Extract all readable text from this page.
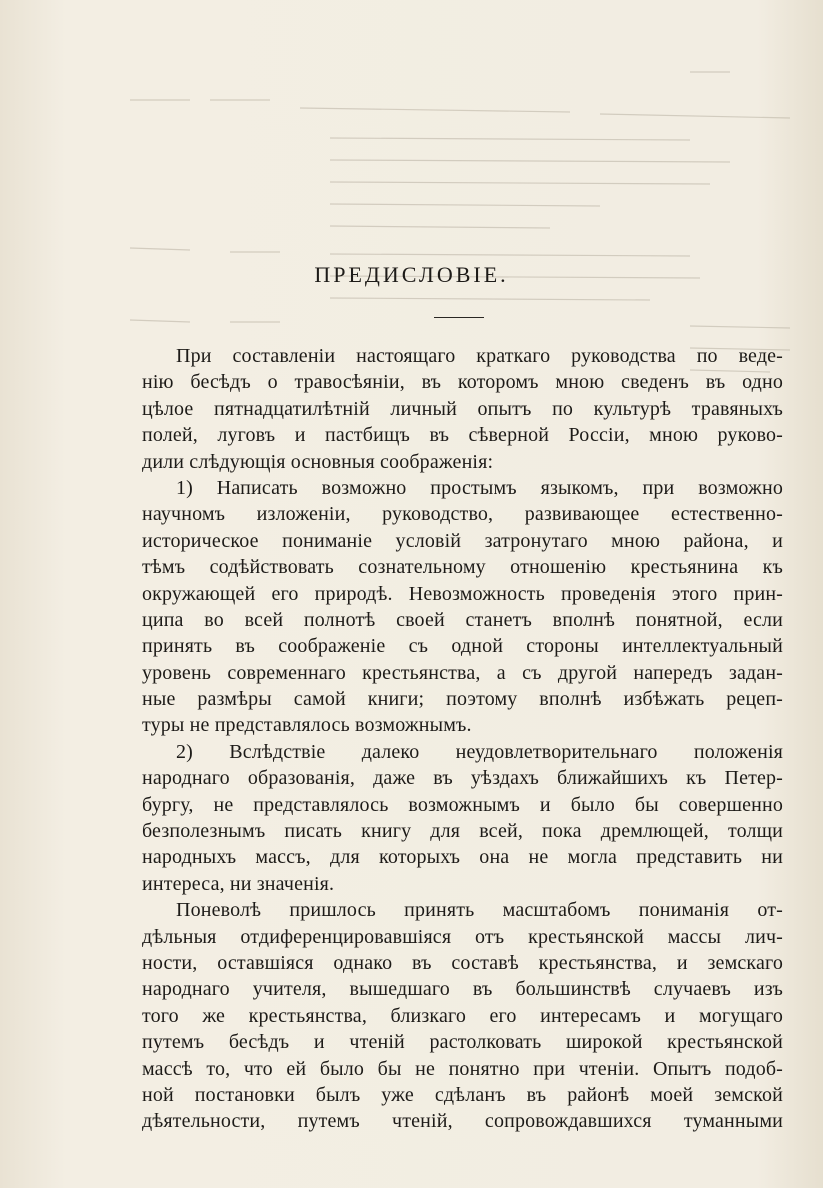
ПРЕДИСЛОВІЕ.
При составленіи настоящаго краткаго руководства по веде-
нію бесѣдъ о травосѣяніи, въ которомъ мною сведенъ въ одно
цѣлое пятнадцатилѣтній личный опытъ по культурѣ травяныхъ
полей, луговъ и пастбищъ въ сѣверной Россіи, мною руково-
дили слѣдующія основныя соображенія:
1) Написать возможно простымъ языкомъ, при возможно
научномъ изложеніи, руководство, развивающее естественно-
историческое пониманіе условій затронутаго мною района, и
тѣмъ содѣйствовать сознательному отношенію крестьянина къ
окружающей его природѣ. Невозможность проведенія этого прин-
ципа во всей полнотѣ своей станетъ вполнѣ понятной, если
принять въ соображеніе съ одной стороны интеллектуальный
уровень современнаго крестьянства, а съ другой напередъ задан-
ные размѣры самой книги; поэтому вполнѣ избѣжать рецеп-
туры не представлялось возможнымъ.
2) Вслѣдствіе далеко неудовлетворительнаго положенія
народнаго образованія, даже въ уѣздахъ ближайшихъ къ Петер-
бургу, не представлялось возможнымъ и было бы совершенно
безполезнымъ писать книгу для всей, пока дремлющей, толщи
народныхъ массъ, для которыхъ она не могла представить ни
интереса, ни значенія.
Поневолѣ пришлось принять масштабомъ пониманія от-
дѣльныя отдиференцировавшіяся отъ крестьянской массы лич-
ности, оставшіяся однако въ составѣ крестьянства, и земскаго
народнаго учителя, вышедшаго въ большинствѣ случаевъ изъ
того же крестьянства, близкаго его интересамъ и могущаго
путемъ бесѣдъ и чтеній растолковать широкой крестьянской
массѣ то, что ей было бы не понятно при чтеніи. Опытъ подоб-
ной постановки былъ уже сдѣланъ въ районѣ моей земской
дѣятельности, путемъ чтеній, сопровождавшихся туманными
